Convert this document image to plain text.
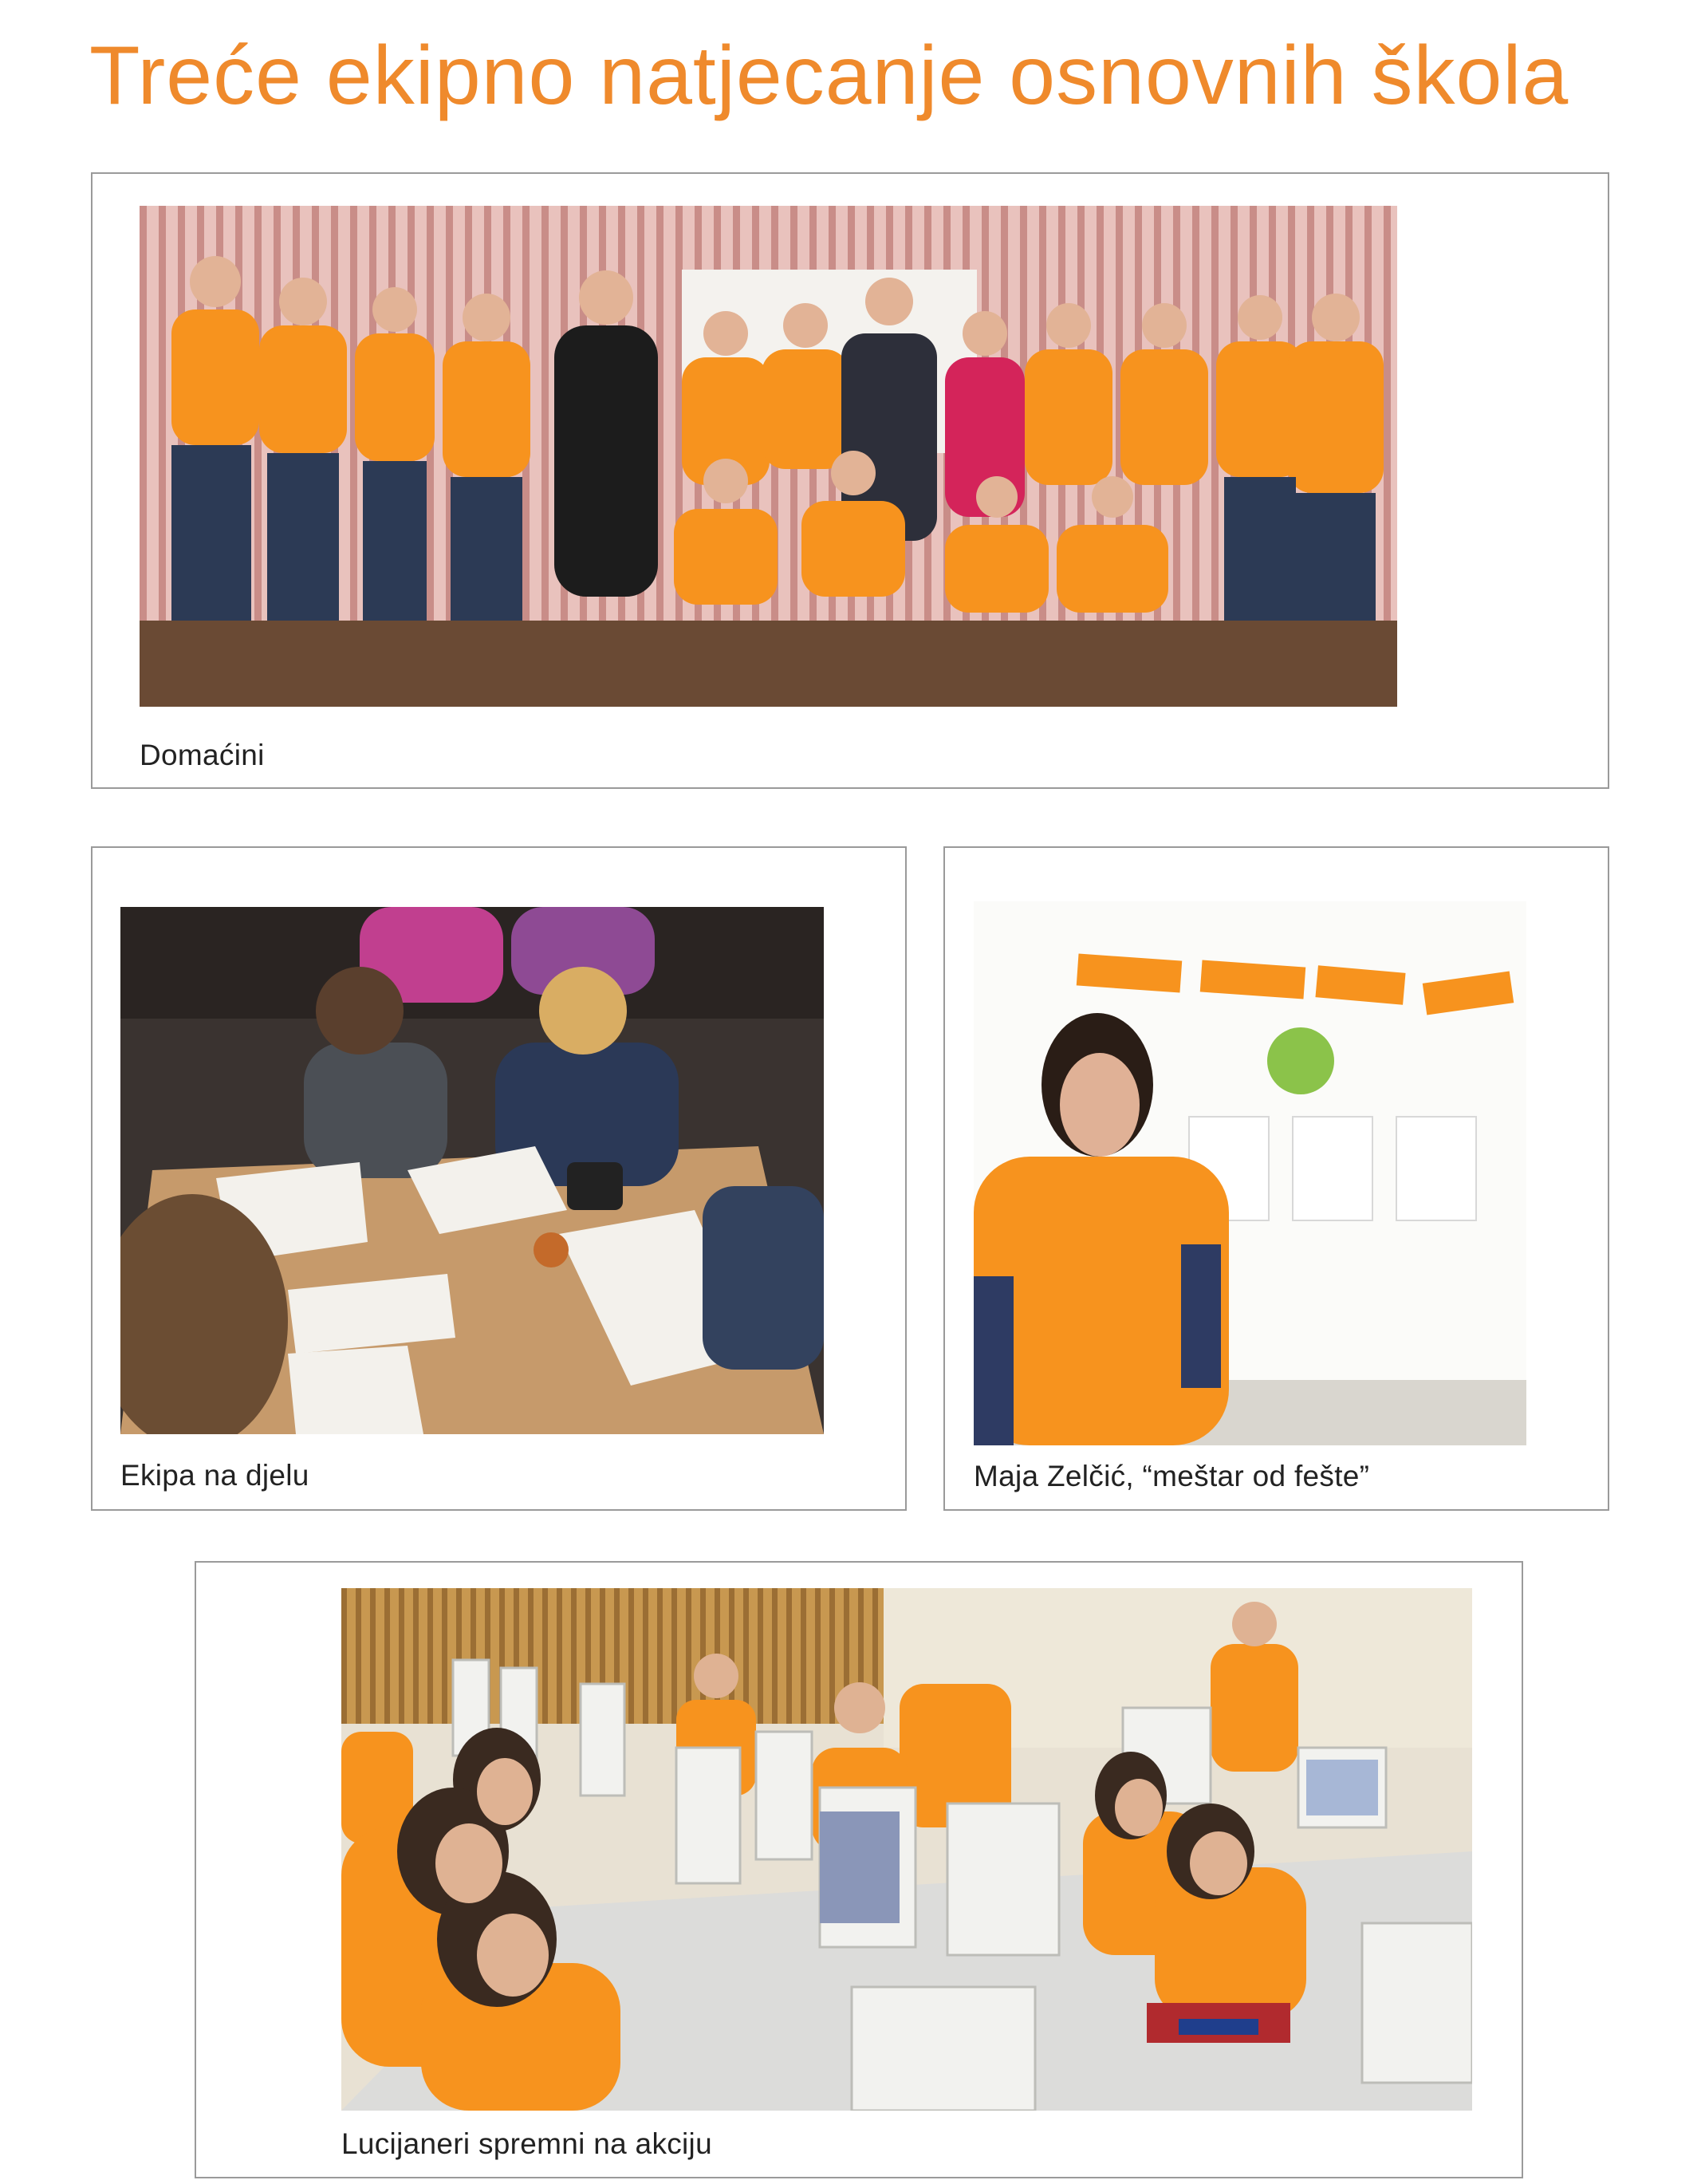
Treće ekipno natjecanje osnovnih škola

Domaćini

Ekipa na djelu	Maja Zelčić, “meštar od fešte”

Lucijaneri spremni na akciju
